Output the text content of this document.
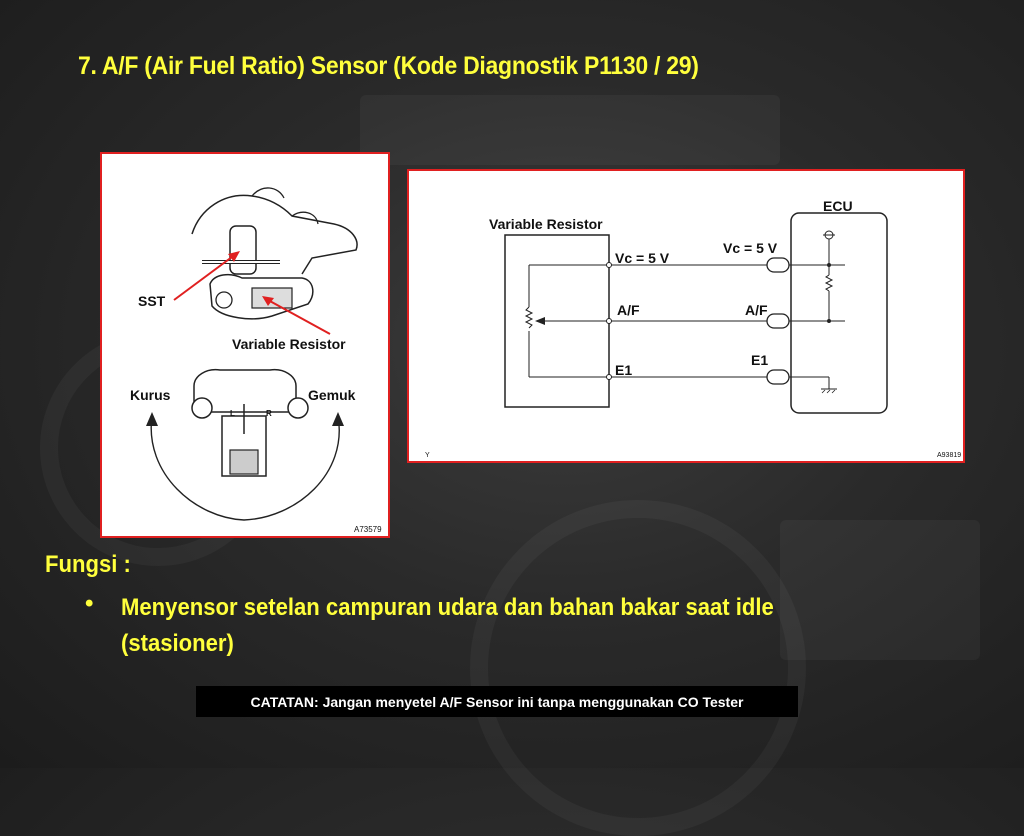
7. A/F (Air Fuel Ratio) Sensor (Kode Diagnostik P1130 / 29)
SST
Variable Resistor
L	R
Kurus	Gemuk
A73579
ECU
Variable Resistor
Vc = 5 V
Vc = 5 V
A/F	A/F
E1
E1
Y	A93819
Fungsi :
•	Menyensor setelan campuran udara dan bahan bakar saat idle (stasioner)
CATATAN: Jangan menyetel A/F Sensor ini tanpa menggunakan CO Tester
